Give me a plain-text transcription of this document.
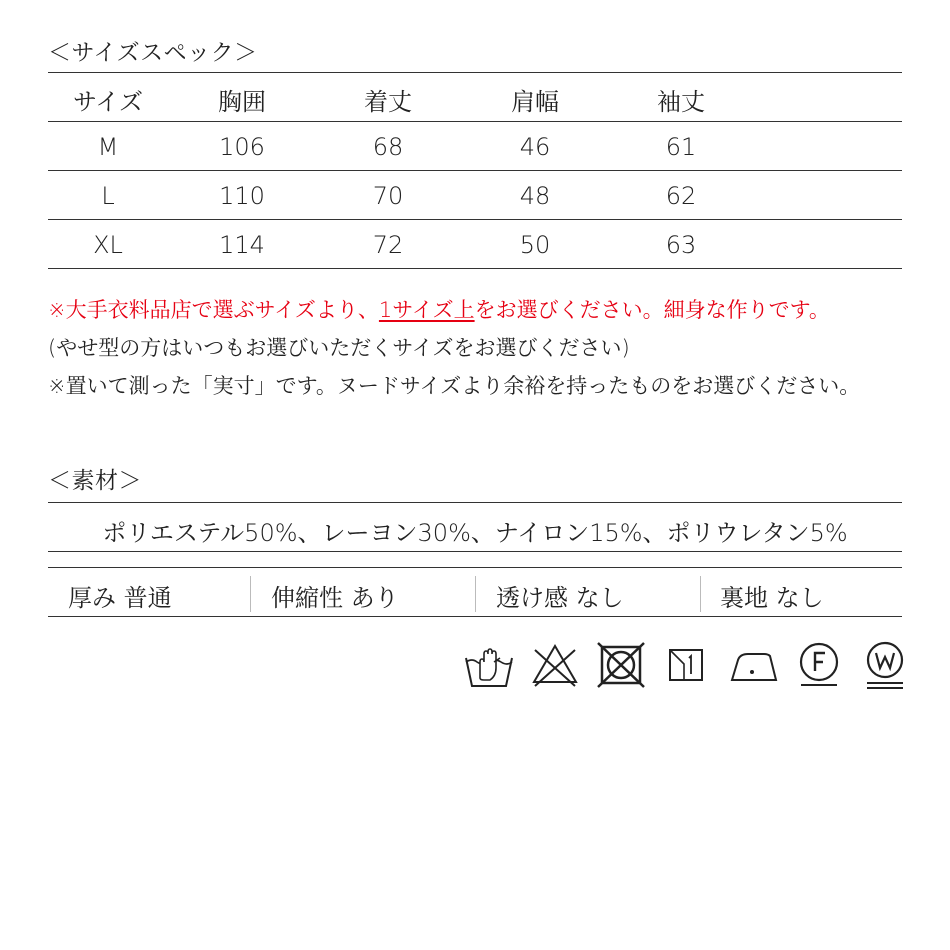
＜サイズスペック＞
サイズ	胸囲	着丈	肩幅	袖丈
M	106	68	46	61
L	110	70	48	62
XL	114	72	50	63
※大手衣料品店で選ぶサイズより、1サイズ上をお選びください。細身な作りです。
(やせ型の方はいつもお選びいただくサイズをお選びください)
※置いて測った「実寸」です。ヌードサイズより余裕を持ったものをお選びください。
＜素材＞
ポリエステル50%、レーヨン30%、ナイロン15%、ポリウレタン5%
厚み 普通	伸縮性 あり	透け感 なし	裏地 なし
